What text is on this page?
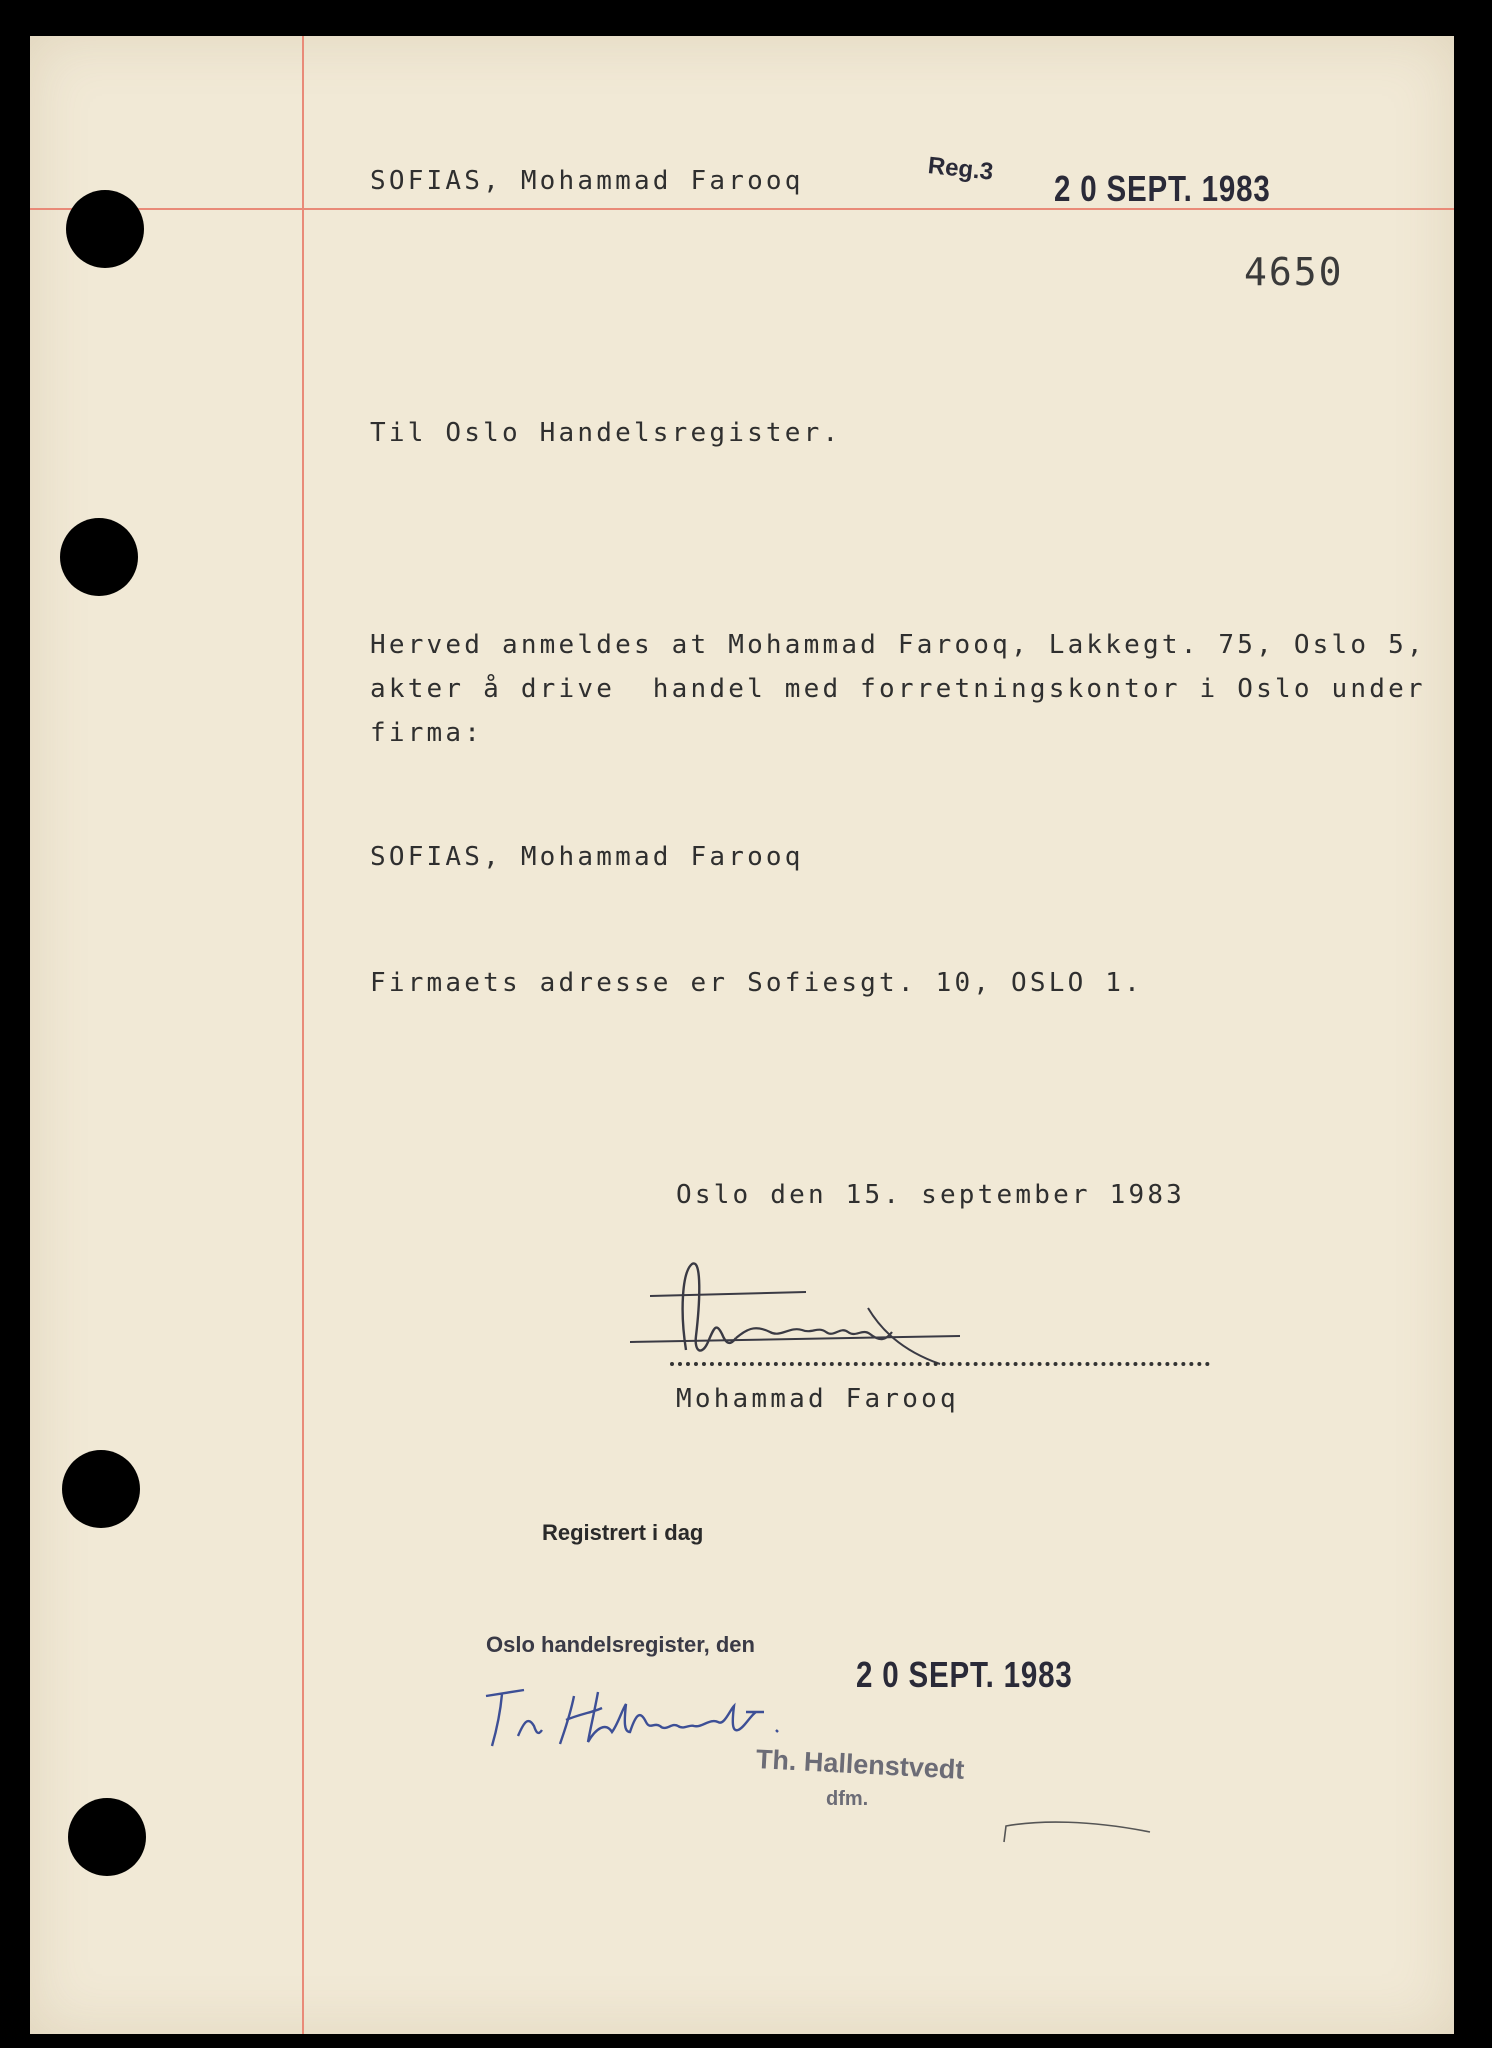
SOFIAS, Mohammad Farooq	Reg.3	2 0 SEPT. 1983

4650
Til Oslo Handelsregister.
Herved anmeldes at Mohammad Farooq, Lakkegt. 75, Oslo 5,
akter å drive  handel med forretningskontor i Oslo under
firma:
SOFIAS, Mohammad Farooq
Firmaets adresse er Sofiesgt. 10, OSLO 1.
Oslo den 15. september 1983
Mohammad Farooq
Registrert i dag
Oslo handelsregister, den

2 0 SEPT. 1983

Th. Hallenstvedt
dfm.
